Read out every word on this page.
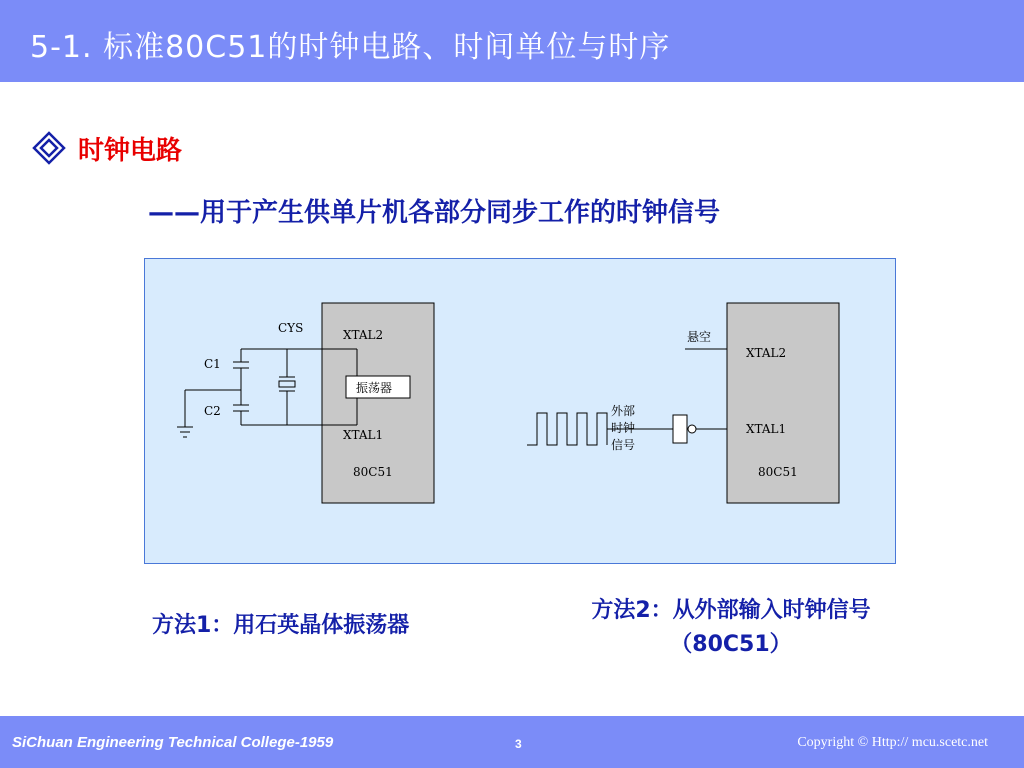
5-1. 标准80C51的时钟电路、时间单位与时序
时钟电路
——用于产生供单片机各部分同步工作的时钟信号
XTAL2
XTAL1
80C51
振荡器
CYS
C1
C2
XTAL2
XTAL1
80C51
悬空
外部
时钟
信号
方法1：用石英晶体振荡器
方法2：从外部输入时钟信号
（80C51）
SiChuan Engineering Technical College-1959	3	Copyright © Http:// mcu.scetc.net
